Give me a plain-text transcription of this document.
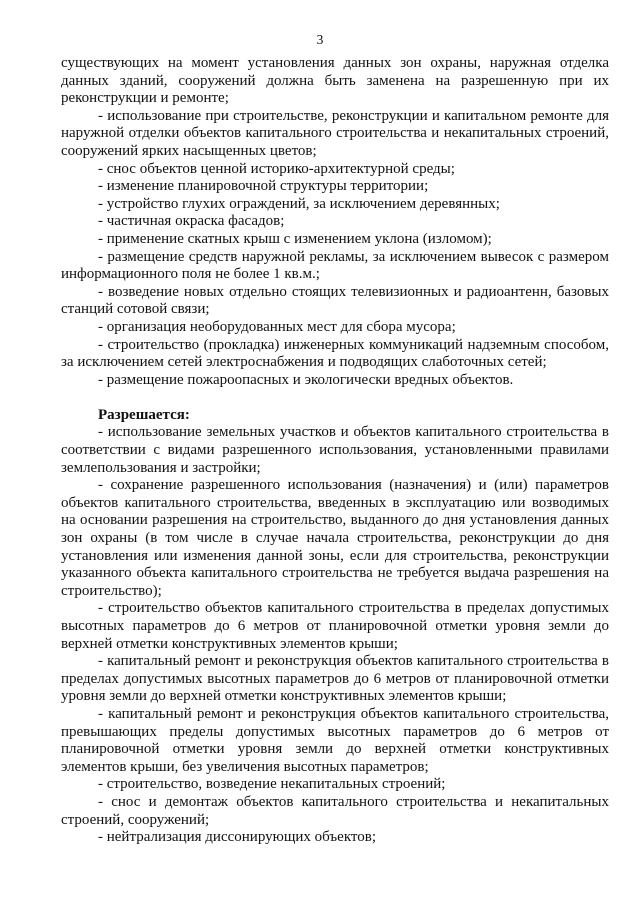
3

существующих на момент установления данных зон охраны, наружная отделка данных зданий, сооружений должна быть заменена на разрешенную при их реконструкции и ремонте;

- использование при строительстве, реконструкции и капитальном ремонте для наружной отделки объектов капитального строительства и некапитальных строений, сооружений ярких насыщенных цветов;

- снос объектов ценной историко-архитектурной среды;

- изменение планировочной структуры территории;

- устройство глухих ограждений, за исключением деревянных;

- частичная окраска фасадов;

- применение скатных крыш с изменением уклона (изломом);

- размещение средств наружной рекламы, за исключением вывесок с размером информационного поля не более 1 кв.м.;

- возведение новых отдельно стоящих телевизионных и радиоантенн, базовых станций сотовой связи;

- организация необорудованных мест для сбора мусора;

- строительство (прокладка) инженерных коммуникаций надземным способом, за исключением сетей электроснабжения и подводящих слаботочных сетей;

- размещение пожароопасных и экологически вредных объектов.

Разрешается:

- использование земельных участков и объектов капитального строительства в соответствии с видами разрешенного использования, установленными правилами землепользования и застройки;

- сохранение разрешенного использования (назначения) и (или) параметров объектов капитального строительства, введенных в эксплуатацию или возводимых на основании разрешения на строительство, выданного до дня установления данных зон охраны (в том числе в случае начала строительства, реконструкции до дня установления или изменения данной зоны, если для строительства, реконструкции указанного объекта капитального строительства не требуется выдача разрешения на строительство);

- строительство объектов капитального строительства в пределах допустимых высотных параметров до 6 метров от планировочной отметки уровня земли до верхней отметки конструктивных элементов крыши;

- капитальный ремонт и реконструкция объектов капитального строительства в пределах допустимых высотных параметров до 6 метров от планировочной отметки уровня земли до верхней отметки конструктивных элементов крыши;

- капитальный ремонт и реконструкция объектов капитального строительства, превышающих пределы допустимых высотных параметров до 6 метров от планировочной отметки уровня земли до верхней отметки конструктивных элементов крыши, без увеличения высотных параметров;

- строительство, возведение некапитальных строений;

- снос и демонтаж объектов капитального строительства и некапитальных строений, сооружений;

- нейтрализация диссонирующих объектов;
